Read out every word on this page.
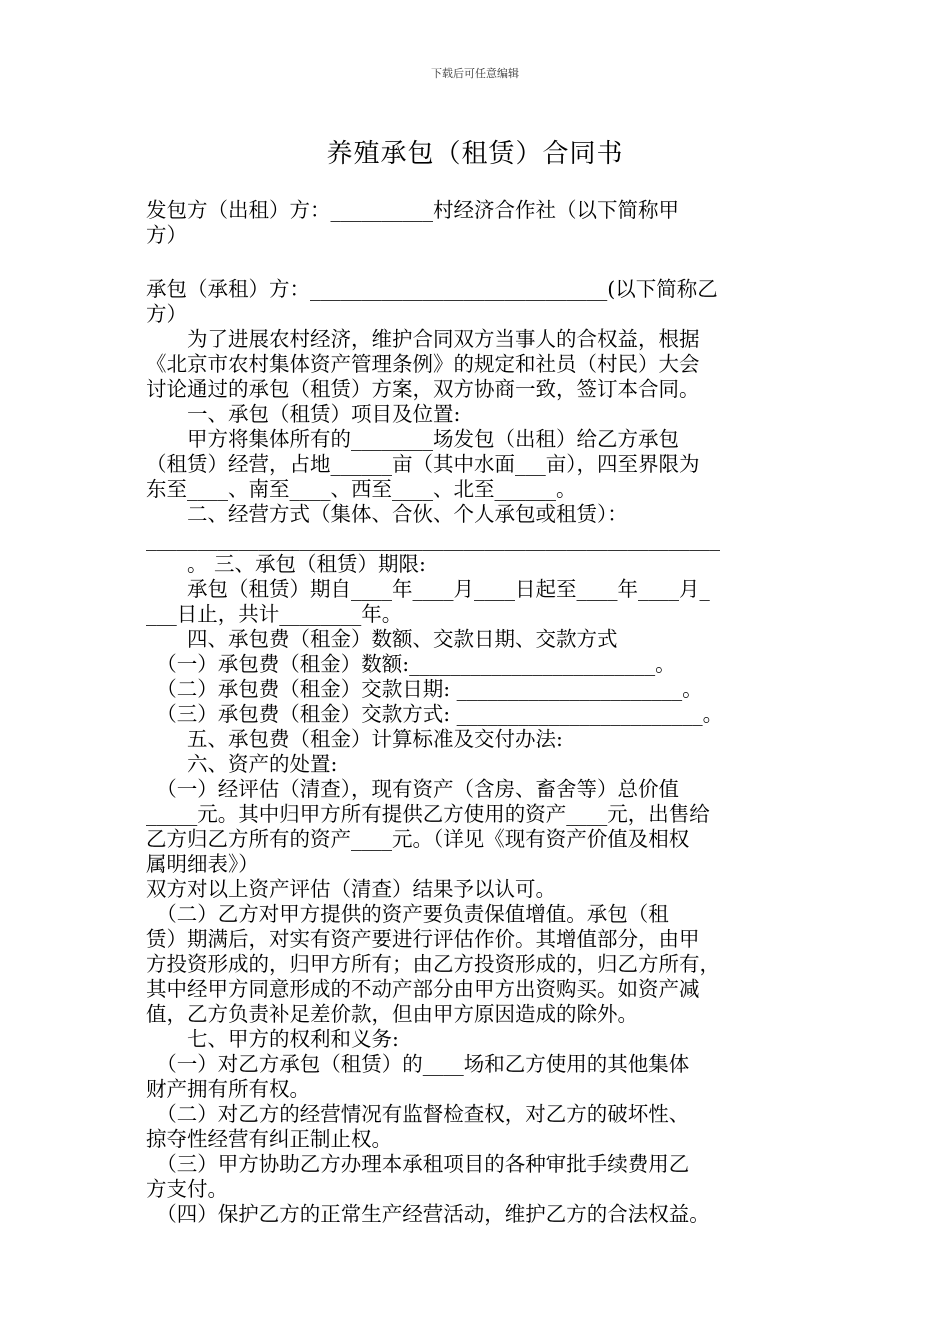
下载后可任意编辑
养殖承包（租赁）合同书
发包方（出租）方：__________村经济合作社（以下简称甲
方）
承包（承租）方：_____________________________(以下简称乙
方）
　　为了进展农村经济，维护合同双方当事人的合权益，根据
《北京市农村集体资产管理条例》的规定和社员（村民）大会
讨论通过的承包（租赁）方案，双方协商一致，签订本合同。
　　一、承包（租赁）项目及位置:
　　甲方将集体所有的________场发包（出租）给乙方承包
（租赁）经营，占地______亩（其中水面___亩），四至界限为
东至____、南至____、西至____、北至______。
　　二、经营方式（集体、合伙、个人承包或租赁）：
________________________________________________________
　　。 三、承包（租赁）期限:
　　承包（租赁）期自____年____月____日起至____年____月_
___日止，共计________年。
　　四、承包费（租金）数额、交款日期、交款方式
　（一）承包费（租金）数额:________________________。
　（二）承包费（租金）交款日期: ______________________。
　（三）承包费（租金）交款方式: ________________________。
　　五、承包费（租金）计算标准及交付办法:
　　六、资产的处置:
　（一）经评估（清查），现有资产（含房、畜舍等）总价值
_____元。其中归甲方所有提供乙方使用的资产____元，出售给
乙方归乙方所有的资产____元。（详见《现有资产价值及相权
属明细表》）
双方对以上资产评估（清查）结果予以认可。
　（二）乙方对甲方提供的资产要负责保值增值。承包（租
赁）期满后，对实有资产要进行评估作价。其增值部分，由甲
方投资形成的，归甲方所有；由乙方投资形成的，归乙方所有，
其中经甲方同意形成的不动产部分由甲方出资购买。如资产减
值，乙方负责补足差价款，但由甲方原因造成的除外。
　　七、甲方的权利和义务:
　（一）对乙方承包（租赁）的____场和乙方使用的其他集体
财产拥有所有权。
　（二）对乙方的经营情况有监督检查权，对乙方的破坏性、
掠夺性经营有纠正制止权。
　（三）甲方协助乙方办理本承租项目的各种审批手续费用乙
方支付。
　（四）保护乙方的正常生产经营活动，维护乙方的合法权益。
